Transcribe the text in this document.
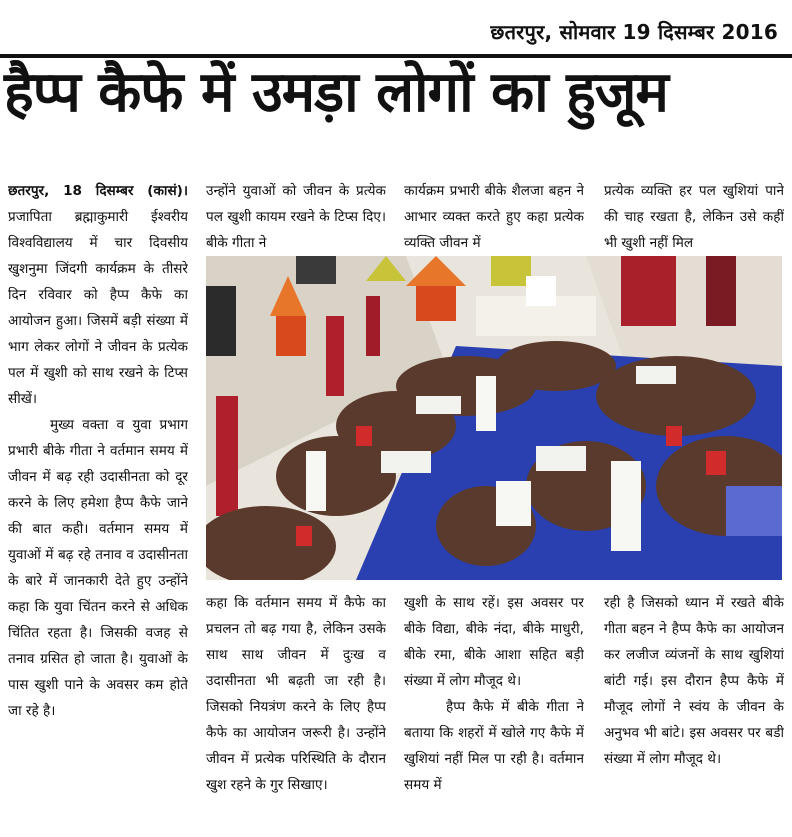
छतरपुर, सोमवार 19 दिसम्बर 2016
हैप्प कैफे में उमड़ा लोगों का हुजूम

छतरपुर, 18 दिसम्बर (कासं)। प्रजापिता ब्रह्माकुमारी ईश्वरीय विश्वविद्यालय में चार दिवसीय खुशनुमा जिंदगी कार्यक्रम के तीसरे दिन रविवार को हैप्प कैफे का आयोजन हुआ। जिसमें बड़ी संख्या में भाग लेकर लोगों ने जीवन के प्रत्येक पल में खुशी को साथ रखने के टिप्स सीखें।

मुख्य वक्ता व युवा प्रभाग प्रभारी बीके गीता ने वर्तमान समय में जीवन में बढ़ रही उदासीनता को दूर करने के लिए हमेशा हैप्प कैफे जाने की बात कही। वर्तमान समय में युवाओं में बढ़ रहे तनाव व उदासीनता के बारे में जानकारी देते हुए उन्होंने कहा कि युवा चिंतन करने से अधिक चिंतित रहता है। जिसकी वजह से तनाव ग्रसित हो जाता है। युवाओं के पास खुशी पाने के अवसर कम होते जा रहे है।

उन्होंने युवाओं को जीवन के प्रत्येक पल खुशी कायम रखने के टिप्स दिए। बीके गीता ने
कार्यक्रम प्रभारी बीके शैलजा बहन ने आभार व्यक्त करते हुए कहा प्रत्येक व्यक्ति जीवन में
प्रत्येक व्यक्ति हर पल खुशियां पाने की चाह रखता है, लेकिन उसे कहीं भी खुशी नहीं मिल
कहा कि वर्तमान समय में कैफे का प्रचलन तो बढ़ गया है, लेकिन उसके साथ साथ जीवन में दुःख व उदासीनता भी बढ़ती जा रही है। जिसको नियत्रंण करने के लिए हैप्प कैफे का आयोजन जरूरी है। उन्होंने जीवन में प्रत्येक परिस्थिति के दौरान खुश रहने के गुर सिखाए।

खुशी के साथ रहें। इस अवसर पर बीके विद्या, बीके नंदा, बीके माधुरी, बीके रमा, बीके आशा सहित बड़ी संख्या में लोग मौजूद थे।

हैप्प कैफे में बीके गीता ने बताया कि शहरों में खोले गए कैफे में खुशियां नहीं मिल पा रही है। वर्तमान समय में

रही है जिसको ध्यान में रखते बीके गीता बहन ने हैप्प कैफे का आयोजन कर लजीज व्यंजनों के साथ खुशियां बांटी गई। इस दौरान हैप्प कैफे में मौजूद लोगों ने स्वंय के जीवन के अनुभव भी बांटे। इस अवसर पर बडी संख्या में लोग मौजूद थे।
